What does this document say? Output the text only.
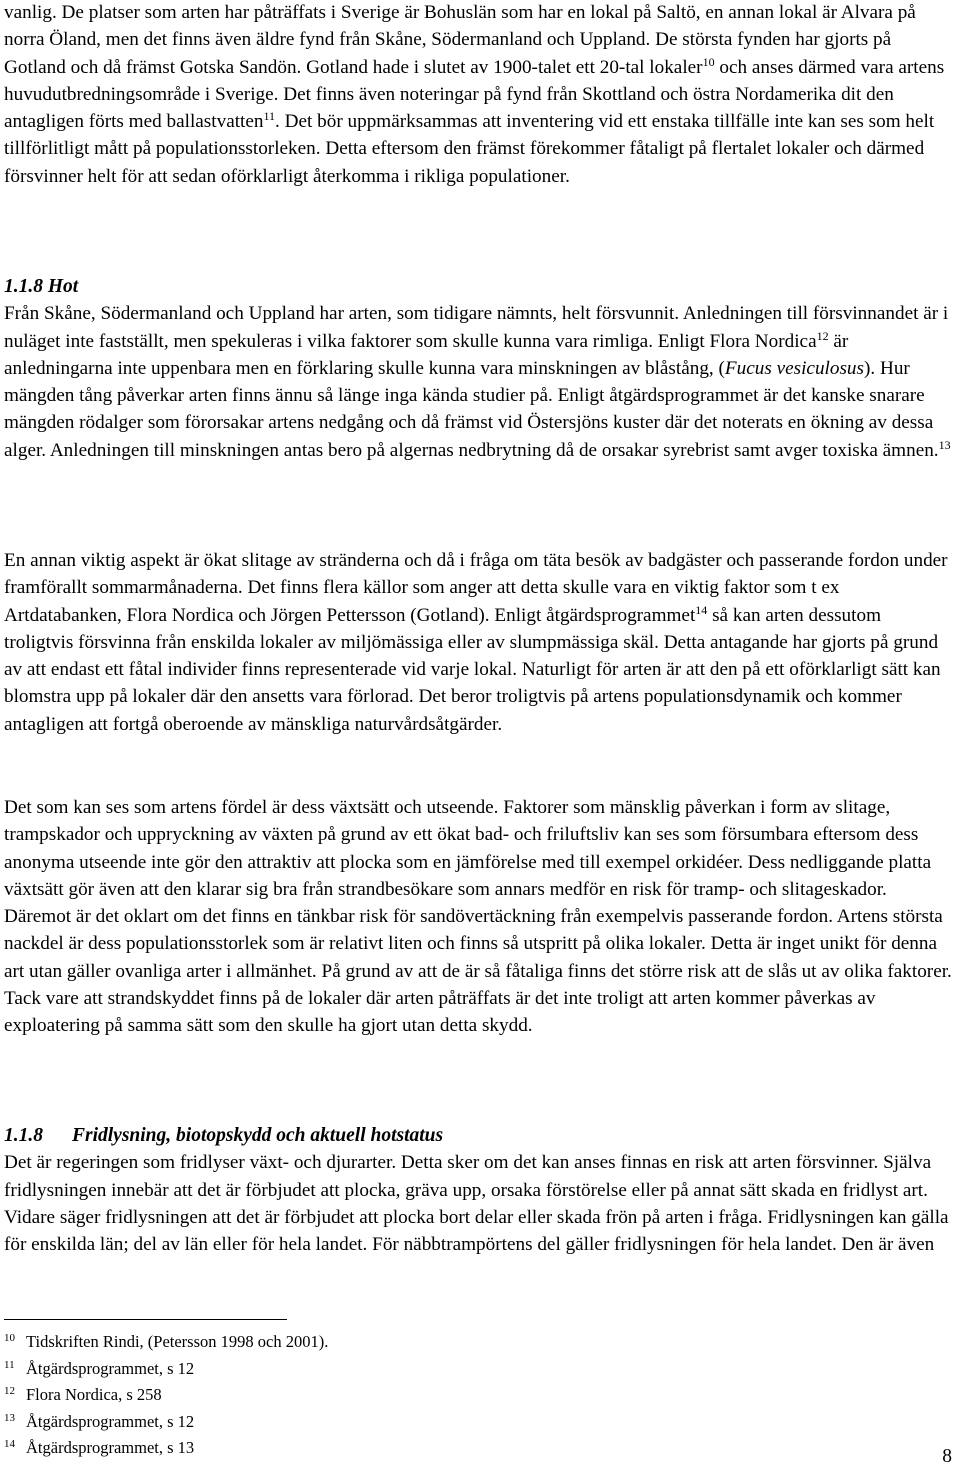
vanlig. De platser som arten har påträffats i Sverige är Bohuslän som har en lokal på Saltö, en annan lokal är Alvara på norra Öland, men det finns även äldre fynd från Skåne, Södermanland och Uppland. De största fynden har gjorts på Gotland och då främst Gotska Sandön. Gotland hade i slutet av 1900-talet ett 20-tal lokaler$^{10}$ och anses därmed vara artens huvudutbredningsområde i Sverige. Det finns även noteringar på fynd från Skottland och östra Nordamerika dit den antagligen förts med ballastvatten$^{11}$. Det bör uppmärksammas att inventering vid ett enstaka tillfälle inte kan ses som helt tillförlitligt mått på populationsstorleken. Detta eftersom den främst förekommer fåtaligt på flertalet lokaler och därmed försvinner helt för att sedan oförklarligt återkomma i rikliga populationer.

1.1.8 Hot

Från Skåne, Södermanland och Uppland har arten, som tidigare nämnts, helt försvunnit. Anledningen till försvinnandet är i nuläget inte fastställt, men spekuleras i vilka faktorer som skulle kunna vara rimliga. Enligt Flora Nordica$^{12}$ är anledningarna inte uppenbara men en förklaring skulle kunna vara minskningen av blåstång, (Fucus vesiculosus). Hur mängden tång påverkar arten finns ännu så länge inga kända studier på. Enligt åtgärdsprogrammet är det kanske snarare mängden rödalger som förorsakar artens nedgång och då främst vid Östersjöns kuster där det noterats en ökning av dessa alger. Anledningen till minskningen antas bero på algernas nedbrytning då de orsakar syrebrist samt avger toxiska ämnen.$^{13}$

En annan viktig aspekt är ökat slitage av stränderna och då i fråga om täta besök av badgäster och passerande fordon under framförallt sommarmånaderna. Det finns flera källor som anger att detta skulle vara en viktig faktor som t ex Artdatabanken, Flora Nordica och Jörgen Pettersson (Gotland). Enligt åtgärdsprogrammet$^{14}$ så kan arten dessutom troligtvis försvinna från enskilda lokaler av miljömässiga eller av slumpmässiga skäl. Detta antagande har gjorts på grund av att endast ett fåtal individer finns representerade vid varje lokal. Naturligt för arten är att den på ett oförklarligt sätt kan blomstra upp på lokaler där den ansetts vara förlorad. Det beror troligtvis på artens populationsdynamik och kommer antagligen att fortgå oberoende av mänskliga naturvårdsåtgärder.

Det som kan ses som artens fördel är dess växtsätt och utseende. Faktorer som mänsklig påverkan i form av slitage, trampskador och uppryckning av växten på grund av ett ökat bad- och friluftsliv kan ses som försumbara eftersom dess anonyma utseende inte gör den attraktiv att plocka som en jämförelse med till exempel orkidéer. Dess nedliggande platta växtsätt gör även att den klarar sig bra från strandbesökare som annars medför en risk för tramp- och slitageskador. Däremot är det oklart om det finns en tänkbar risk för sandövertäckning från exempelvis passerande fordon. Artens största nackdel är dess populationsstorlek som är relativt liten och finns så utspritt på olika lokaler. Detta är inget unikt för denna art utan gäller ovanliga arter i allmänhet. På grund av att de är så fåtaliga finns det större risk att de slås ut av olika faktorer. Tack vare att strandskyddet finns på de lokaler där arten påträffats är det inte troligt att arten kommer påverkas av exploatering på samma sätt som den skulle ha gjort utan detta skydd.

1.1.8 Fridlysning, biotopskydd och aktuell hotstatus

Det är regeringen som fridlyser växt- och djurarter. Detta sker om det kan anses finnas en risk att arten försvinner. Själva fridlysningen innebär att det är förbjudet att plocka, gräva upp, orsaka förstörelse eller på annat sätt skada en fridlyst art. Vidare säger fridlysningen att det är förbjudet att plocka bort delar eller skada frön på arten i fråga. Fridlysningen kan gälla för enskilda län; del av län eller för hela landet. För näbbtrampörtens del gäller fridlysningen för hela landet. Den är även

10 Tidskriften Rindi, (Petersson 1998 och 2001).

11 Åtgärdsprogrammet, s 12

12 Flora Nordica, s 258

13 Åtgärdsprogrammet, s 12

14 Åtgärdsprogrammet, s 13	8
